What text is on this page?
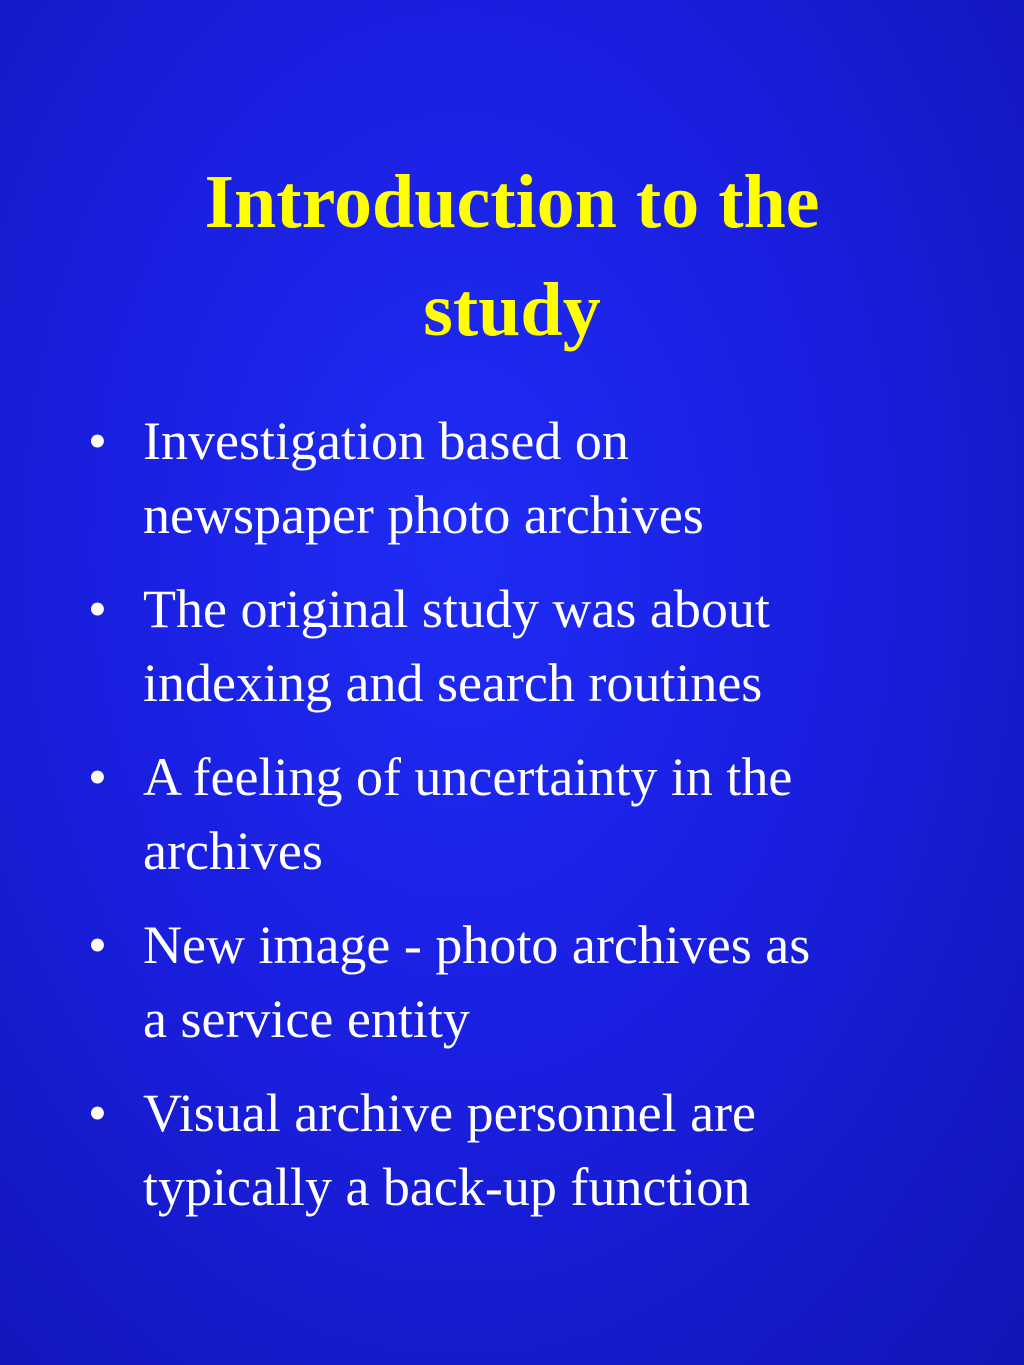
Introduction to the
study
• Investigation based on
newspaper photo archives
• The original study was about
indexing and search routines
• A feeling of uncertainty in the
archives
• New image - photo archives as
a service entity
• Visual archive personnel are
typically a back-up function
